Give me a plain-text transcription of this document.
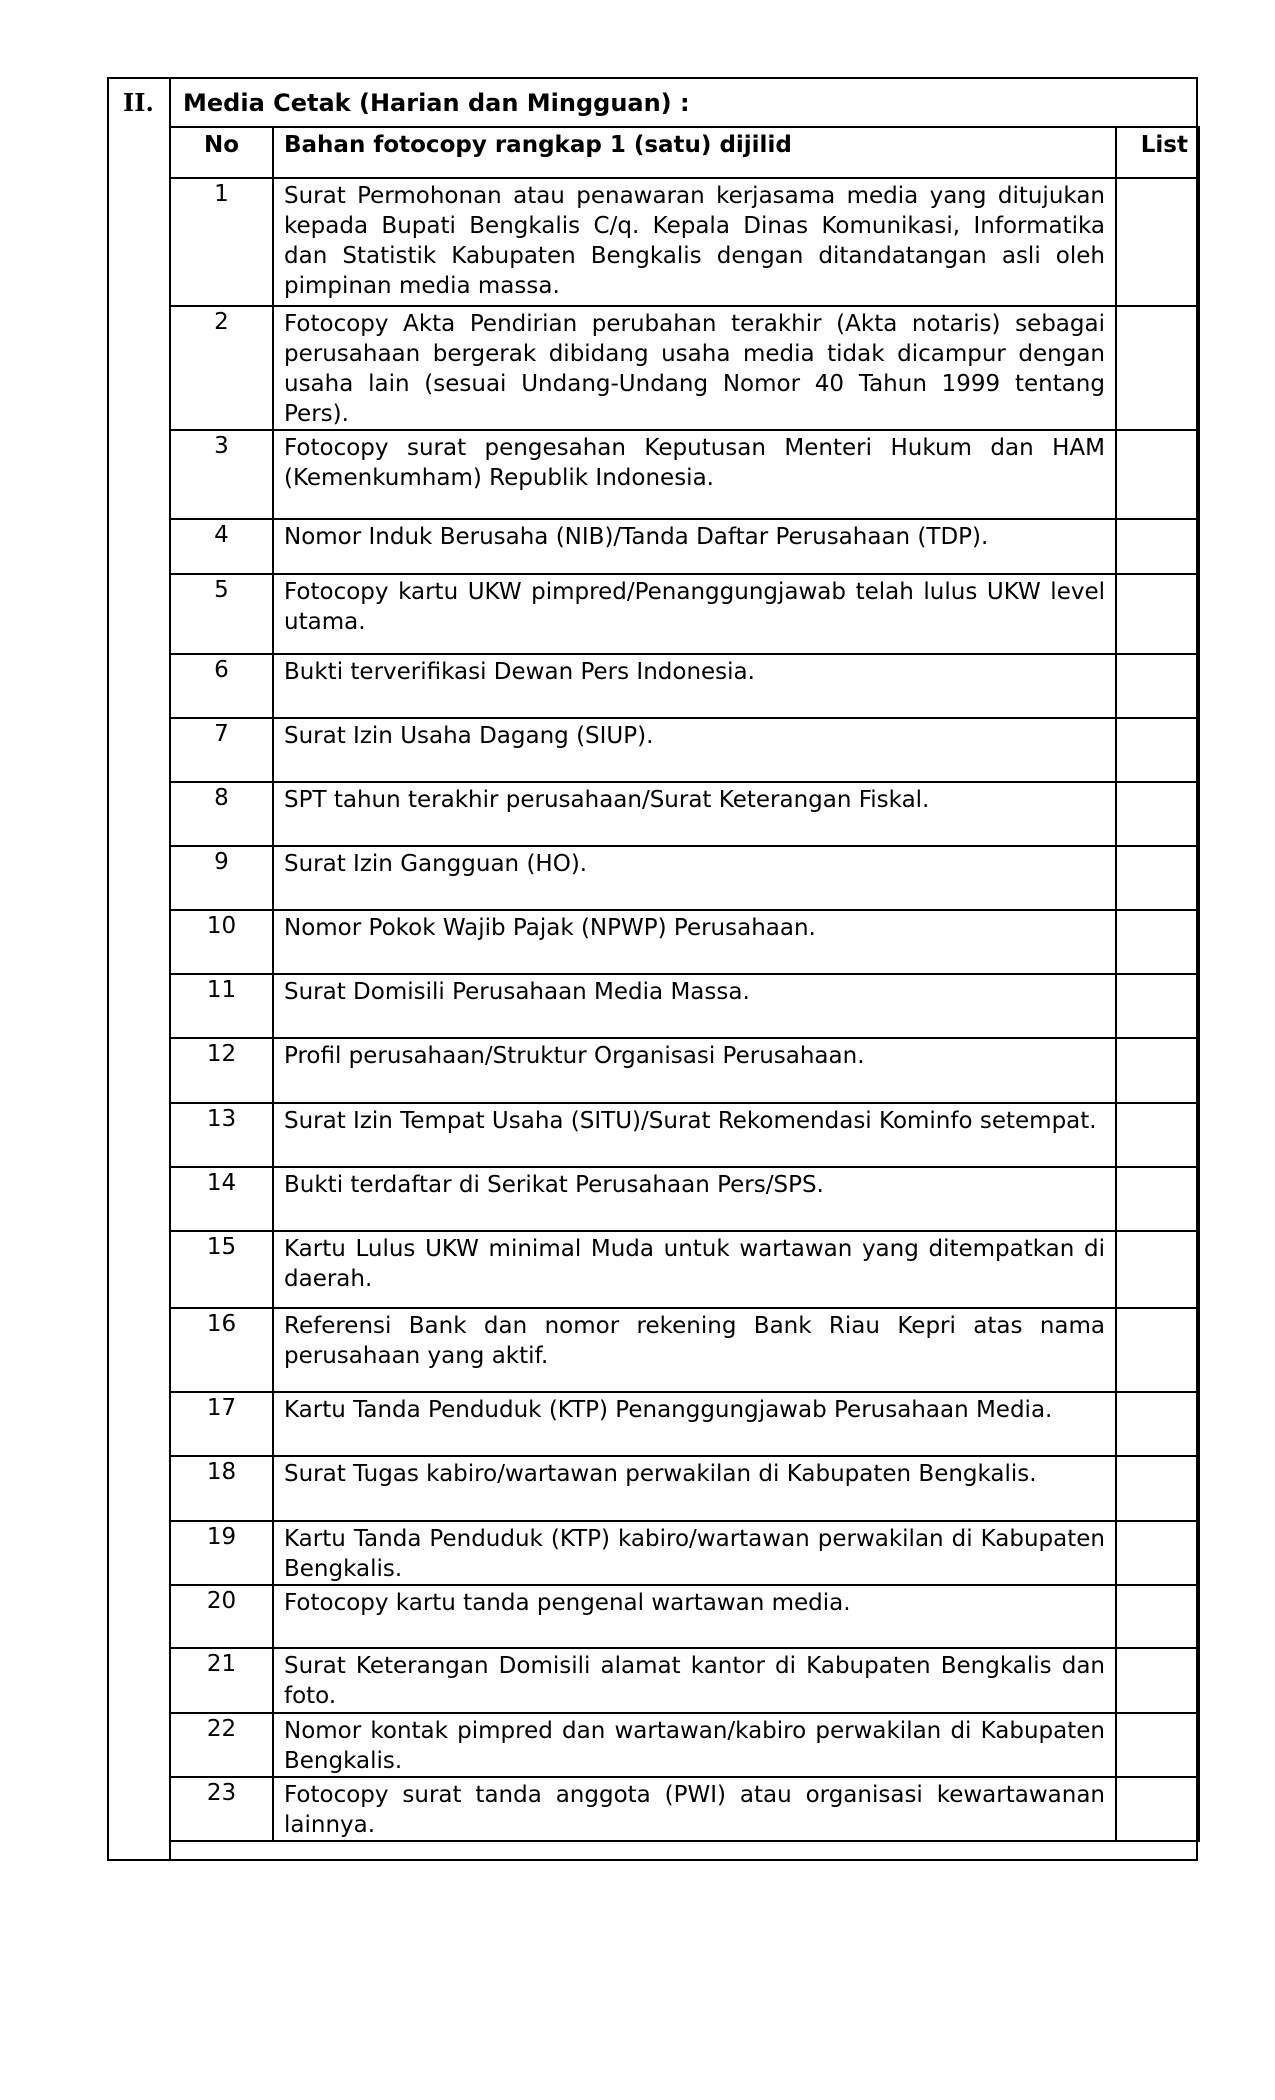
II. Media Cetak (Harian dan Mingguan) :
No	Bahan fotocopy rangkap 1 (satu) dijilid	List
1	Surat Permohonan atau penawaran kerjasama media yang ditujukan kepada Bupati Bengkalis C/q. Kepala Dinas Komunikasi, Informatika dan Statistik Kabupaten Bengkalis dengan ditandatangan asli oleh pimpinan media massa.	
2	Fotocopy Akta Pendirian perubahan terakhir (Akta notaris) sebagai perusahaan bergerak dibidang usaha media tidak dicampur dengan usaha lain (sesuai Undang-Undang Nomor 40 Tahun 1999 tentang Pers).	
3	Fotocopy surat pengesahan Keputusan Menteri Hukum dan HAM (Kemenkumham) Republik Indonesia.	
4	Nomor Induk Berusaha (NIB)/Tanda Daftar Perusahaan (TDP).	
5	Fotocopy kartu UKW pimpred/Penanggungjawab telah lulus UKW level utama.	
6	Bukti terverifikasi Dewan Pers Indonesia.	
7	Surat Izin Usaha Dagang (SIUP).	
8	SPT tahun terakhir perusahaan/Surat Keterangan Fiskal.	
9	Surat Izin Gangguan (HO).	
10	Nomor Pokok Wajib Pajak (NPWP) Perusahaan.	
11	Surat Domisili Perusahaan Media Massa.	
12	Profil perusahaan/Struktur Organisasi Perusahaan.	
13	Surat Izin Tempat Usaha (SITU)/Surat Rekomendasi Kominfo setempat.	
14	Bukti terdaftar di Serikat Perusahaan Pers/SPS.	
15	Kartu Lulus UKW minimal Muda untuk wartawan yang ditempatkan di daerah.	
16	Referensi Bank dan nomor rekening Bank Riau Kepri atas nama perusahaan yang aktif.	
17	Kartu Tanda Penduduk (KTP) Penanggungjawab Perusahaan Media.	
18	Surat Tugas kabiro/wartawan perwakilan di Kabupaten Bengkalis.	
19	Kartu Tanda Penduduk (KTP) kabiro/wartawan perwakilan di Kabupaten Bengkalis.	
20	Fotocopy kartu tanda pengenal wartawan media.	
21	Surat Keterangan Domisili alamat kantor di Kabupaten Bengkalis dan foto.	
22	Nomor kontak pimpred dan wartawan/kabiro perwakilan di Kabupaten Bengkalis.	
23	Fotocopy surat tanda anggota (PWI) atau organisasi kewartawanan lainnya.	
